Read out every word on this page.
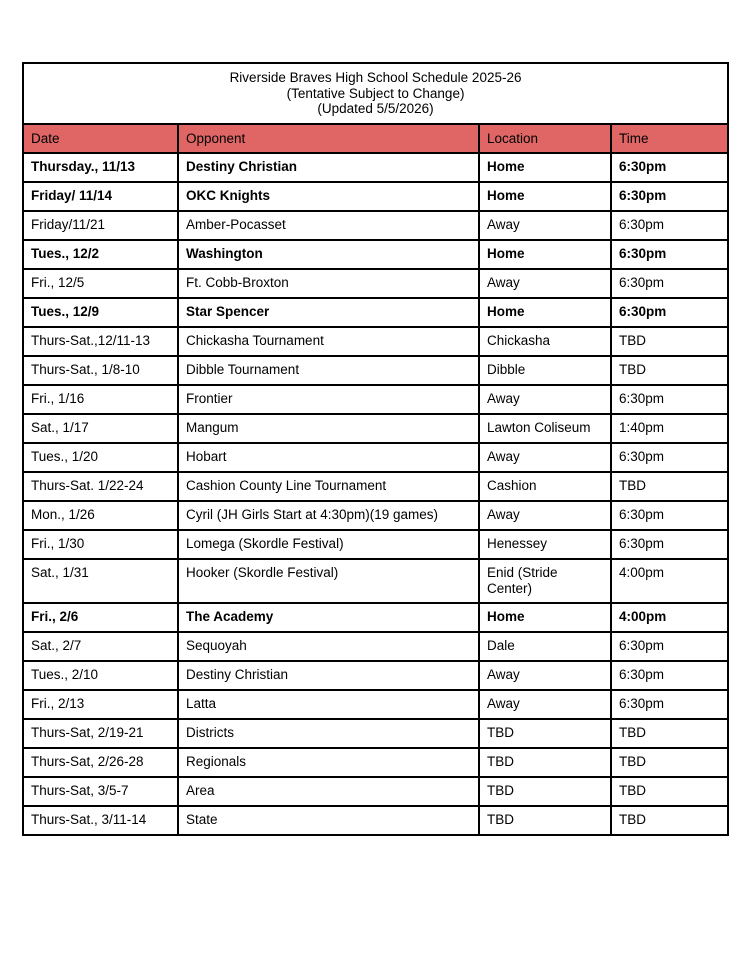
Riverside Braves High School Schedule 2025-26
(Tentative Subject to Change)
(Updated 5/5/2026)			

Date	Opponent	Location	Time
Thursday., 11/13	Destiny Christian	Home	6:30pm
Friday/ 11/14	OKC Knights	Home	6:30pm
Friday/11/21	Amber-Pocasset	Away	6:30pm
Tues., 12/2	Washington	Home	6:30pm
Fri., 12/5	Ft. Cobb-Broxton	Away	6:30pm
Tues., 12/9	Star Spencer	Home	6:30pm
Thurs-Sat.,12/11-13	Chickasha Tournament	Chickasha	TBD
Thurs-Sat., 1/8-10	Dibble Tournament	Dibble	TBD
Fri., 1/16	Frontier	Away	6:30pm
Sat., 1/17	Mangum	Lawton Coliseum	1:40pm
Tues., 1/20	Hobart	Away	6:30pm
Thurs-Sat. 1/22-24	Cashion County Line Tournament	Cashion	TBD
Mon., 1/26	Cyril (JH Girls Start at 4:30pm)(19 games)	Away	6:30pm
Fri., 1/30	Lomega (Skordle Festival)	Henessey	6:30pm
Sat., 1/31	Hooker (Skordle Festival)	Enid (Stride Center)	4:00pm
Fri., 2/6	The Academy	Home	4:00pm
Sat., 2/7	Sequoyah	Dale	6:30pm
Tues., 2/10	Destiny Christian	Away	6:30pm
Fri., 2/13	Latta	Away	6:30pm
Thurs-Sat, 2/19-21	Districts	TBD	TBD
Thurs-Sat, 2/26-28	Regionals	TBD	TBD
Thurs-Sat, 3/5-7	Area	TBD	TBD
Thurs-Sat., 3/11-14	State	TBD	TBD
